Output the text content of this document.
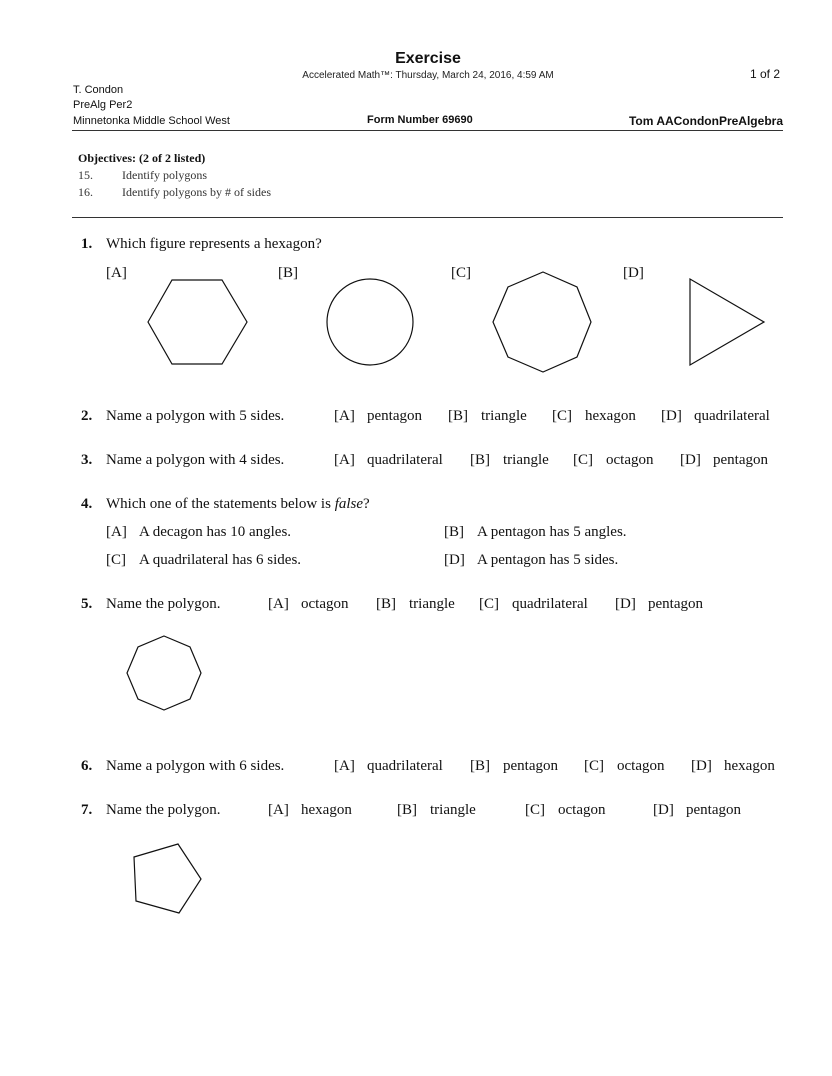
Exercise
Accelerated Math™: Thursday, March 24, 2016, 4:59 AM	1 of 2
T. Condon
PreAlg Per2
Minnetonka Middle School West	Form Number 69690	Tom AACondonPreAlgebra
Objectives: (2 of 2 listed)
15. Identify polygons
16. Identify polygons by # of sides
1. Which figure represents a hexagon?
[A]	[B]	[C]	[D]
2. Name a polygon with 5 sides.	[A] pentagon [B] triangle [C] hexagon [D] quadrilateral
3. Name a polygon with 4 sides.	[A] quadrilateral [B] triangle [C] octagon [D] pentagon
4. Which one of the statements below is false?
[A] A decagon has 10 angles.	[B] A pentagon has 5 angles.
[C] A quadrilateral has 6 sides.	[D] A pentagon has 5 sides.
5. Name the polygon.	[A] octagon [B] triangle [C] quadrilateral [D] pentagon
6. Name a polygon with 6 sides.	[A] quadrilateral [B] pentagon [C] octagon [D] hexagon
7. Name the polygon.	[A] hexagon	[B] triangle	[C] octagon	[D] pentagon
